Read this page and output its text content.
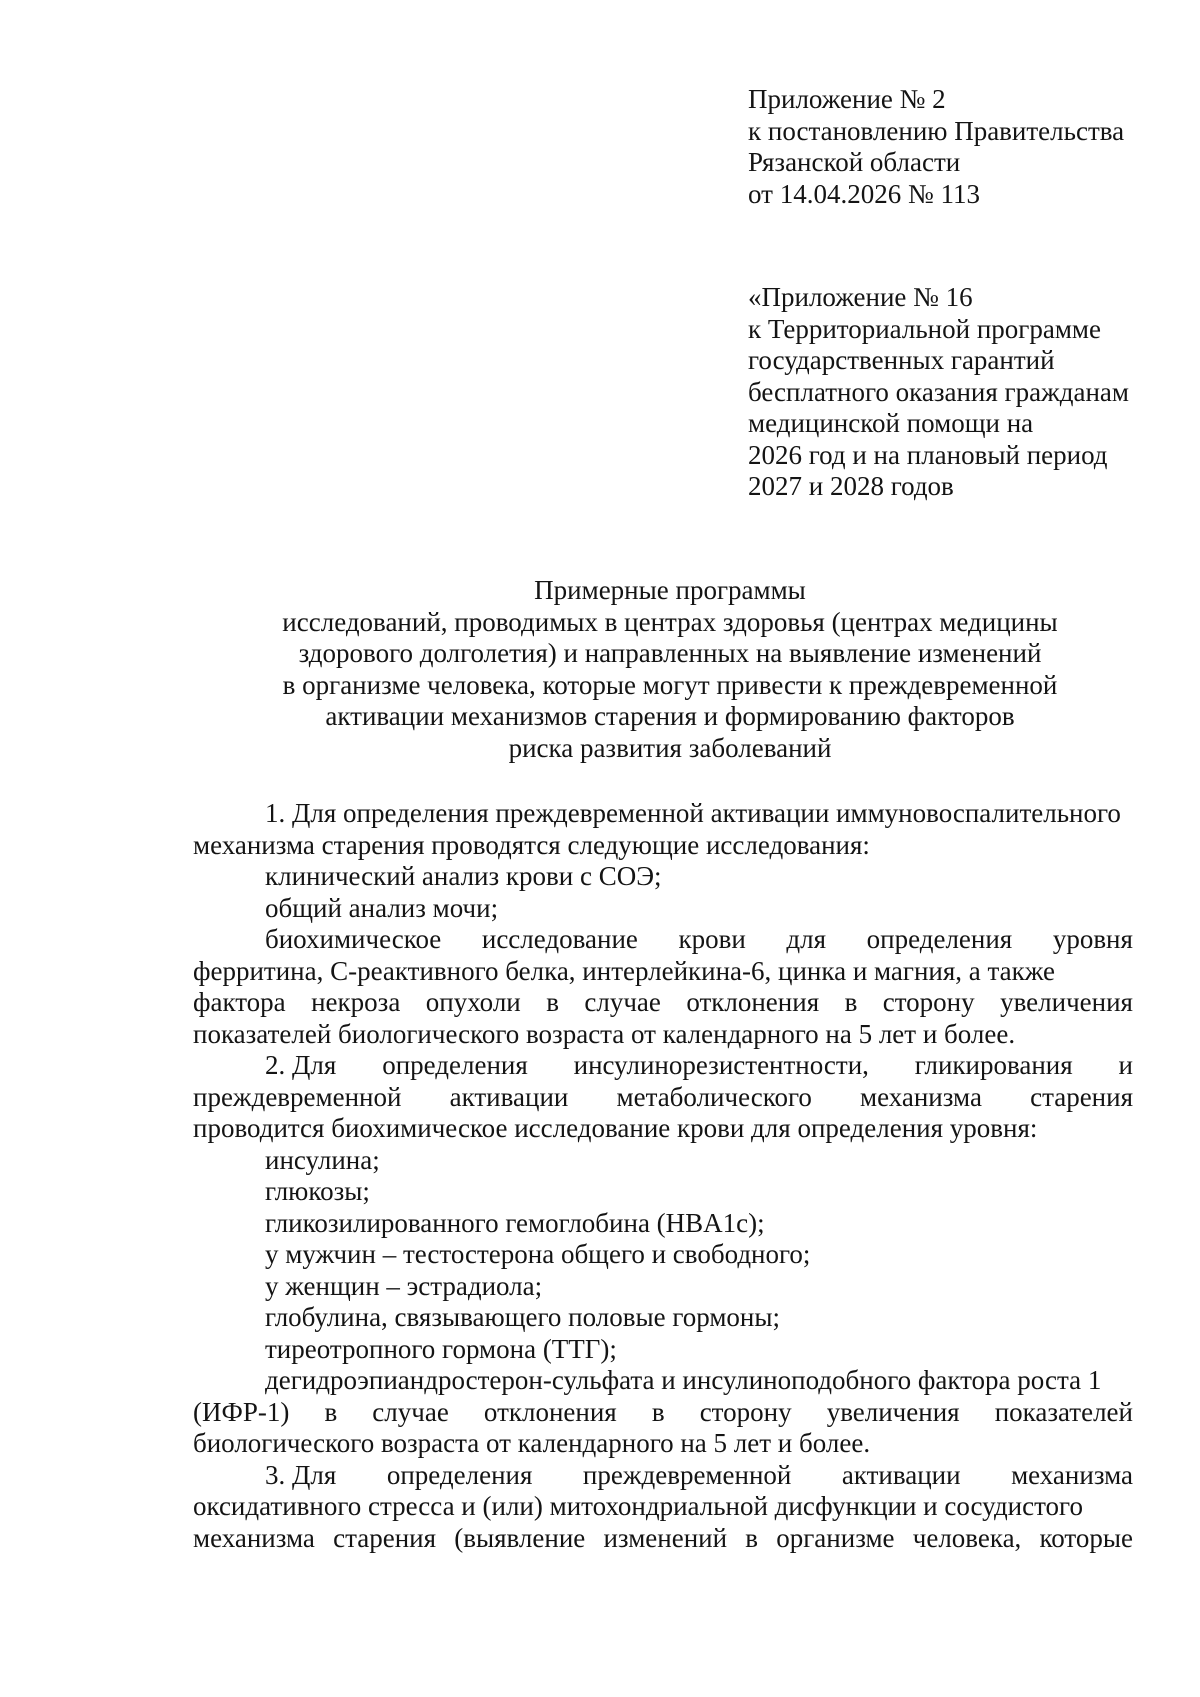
Приложение № 2
к постановлению Правительства
Рязанской области
от 14.04.2026 № 113
«Приложение № 16
к Территориальной программе
государственных гарантий
бесплатного оказания гражданам
медицинской помощи на
2026 год и на плановый период
2027 и 2028 годов
Примерные программы
исследований, проводимых в центрах здоровья (центрах медицины
здорового долголетия) и направленных на выявление изменений
в организме человека, которые могут привести к преждевременной
активации механизмов старения и формированию факторов
риска развития заболеваний
1. Для определения преждевременной активации иммуновоспалительного
механизма старения проводятся следующие исследования:
клинический анализ крови с СОЭ;
общий анализ мочи;
биохимическое исследование крови для определения уровня
ферритина, С-реактивного белка, интерлейкина-6, цинка и магния, а также
фактора некроза опухоли в случае отклонения в сторону увеличения
показателей биологического возраста от календарного на 5 лет и более.
2. Для определения инсулинорезистентности, гликирования и
преждевременной активации метаболического механизма старения
проводится биохимическое исследование крови для определения уровня:
инсулина;
глюкозы;
гликозилированного гемоглобина (HBA1c);
у мужчин – тестостерона общего и свободного;
у женщин – эстрадиола;
глобулина, связывающего половые гормоны;
тиреотропного гормона (ТТГ);
дегидроэпиандростерон-сульфата и инсулиноподобного фактора роста 1
(ИФР-1) в случае отклонения в сторону увеличения показателей
биологического возраста от календарного на 5 лет и более.
3. Для определения преждевременной активации механизма
оксидативного стресса и (или) митохондриальной дисфункции и сосудистого
механизма старения (выявление изменений в организме человека, которые
